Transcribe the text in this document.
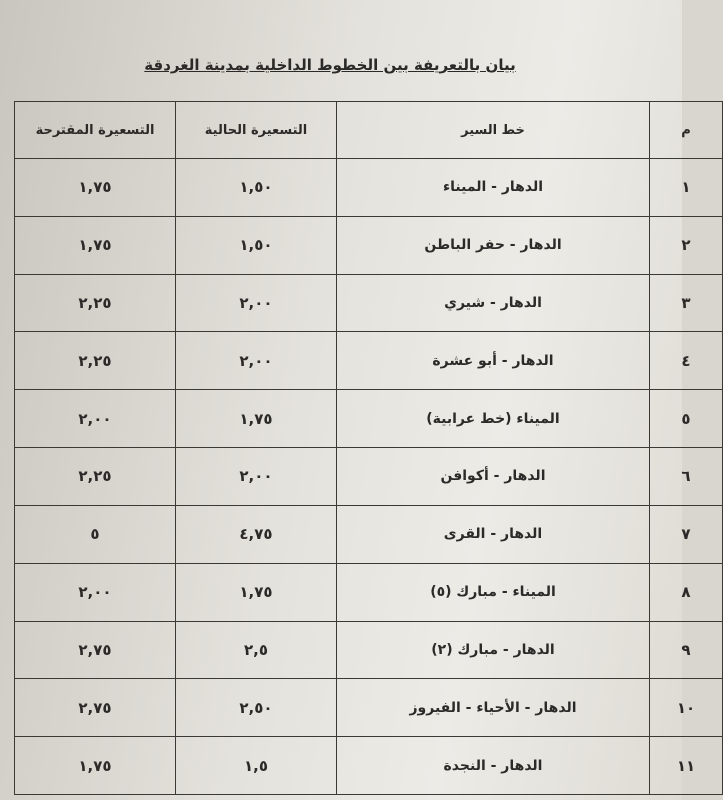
بيان بالتعريفة بين الخطوط الداخلية بمدينة الغردقة
م	خط السير	التسعيرة الحالية	التسعيرة المقترحة
١	الدهار - الميناء	١,٥٠	١,٧٥
٢	الدهار - حفر الباطن	١,٥٠	١,٧٥
٣	الدهار - شيري	٢,٠٠	٢,٢٥
٤	الدهار - أبو عشرة	٢,٠٠	٢,٢٥
٥	الميناء (خط عرابية)	١,٧٥	٢,٠٠
٦	الدهار - أكوافن	٢,٠٠	٢,٢٥
٧	الدهار - القرى	٤,٧٥	٥
٨	الميناء - مبارك (٥)	١,٧٥	٢,٠٠
٩	الدهار - مبارك (٢)	٢,٥	٢,٧٥
١٠	الدهار - الأحياء - الفيروز	٢,٥٠	٢,٧٥
١١	الدهار - النجدة	١,٥	١,٧٥
